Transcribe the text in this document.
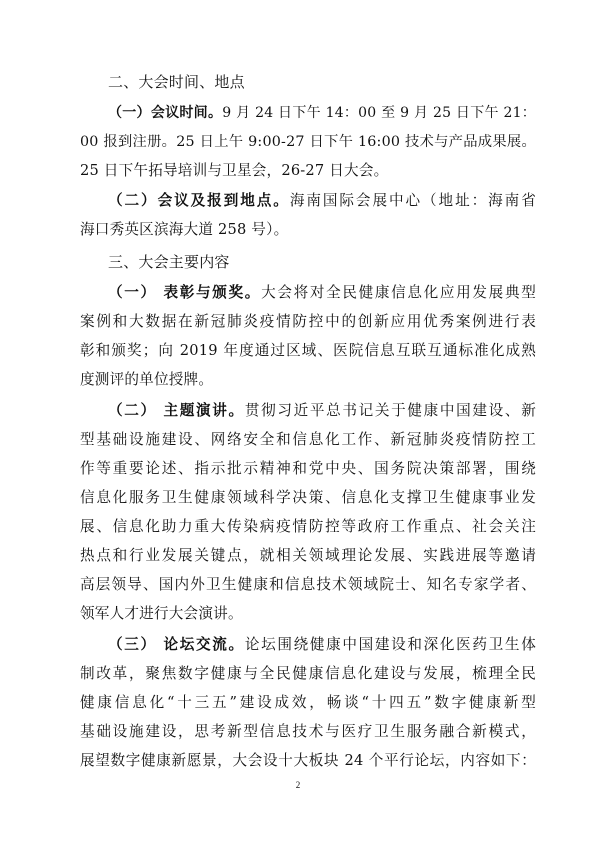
二、大会时间、地点

（一）会议时间。9 月 24 日下午 14：00 至 9 月 25 日下午 21：

00 报到注册。25 日上午 9:00-27 日下午 16:00 技术与产品成果展。

25 日下午拓导培训与卫星会，26-27 日大会。

（二）会议及报到地点。海南国际会展中心（地址：海南省

海口秀英区滨海大道 258 号）。

三、大会主要内容

（一） 表彰与颁奖。大会将对全民健康信息化应用发展典型

案例和大数据在新冠肺炎疫情防控中的创新应用优秀案例进行表

彰和颁奖；向 2019 年度通过区域、医院信息互联互通标准化成熟

度测评的单位授牌。

（二） 主题演讲。贯彻习近平总书记关于健康中国建设、新

型基础设施建设、网络安全和信息化工作、新冠肺炎疫情防控工

作等重要论述、指示批示精神和党中央、国务院决策部署，围绕

信息化服务卫生健康领域科学决策、信息化支撑卫生健康事业发

展、信息化助力重大传染病疫情防控等政府工作重点、社会关注

热点和行业发展关键点，就相关领域理论发展、实践进展等邀请

高层领导、国内外卫生健康和信息技术领域院士、知名专家学者、

领军人才进行大会演讲。

（三） 论坛交流。论坛围绕健康中国建设和深化医药卫生体

制改革，聚焦数字健康与全民健康信息化建设与发展，梳理全民

健康信息化“十三五”建设成效，畅谈“十四五”数字健康新型

基础设施建设，思考新型信息技术与医疗卫生服务融合新模式，

展望数字健康新愿景，大会设十大板块 24 个平行论坛，内容如下：

2
